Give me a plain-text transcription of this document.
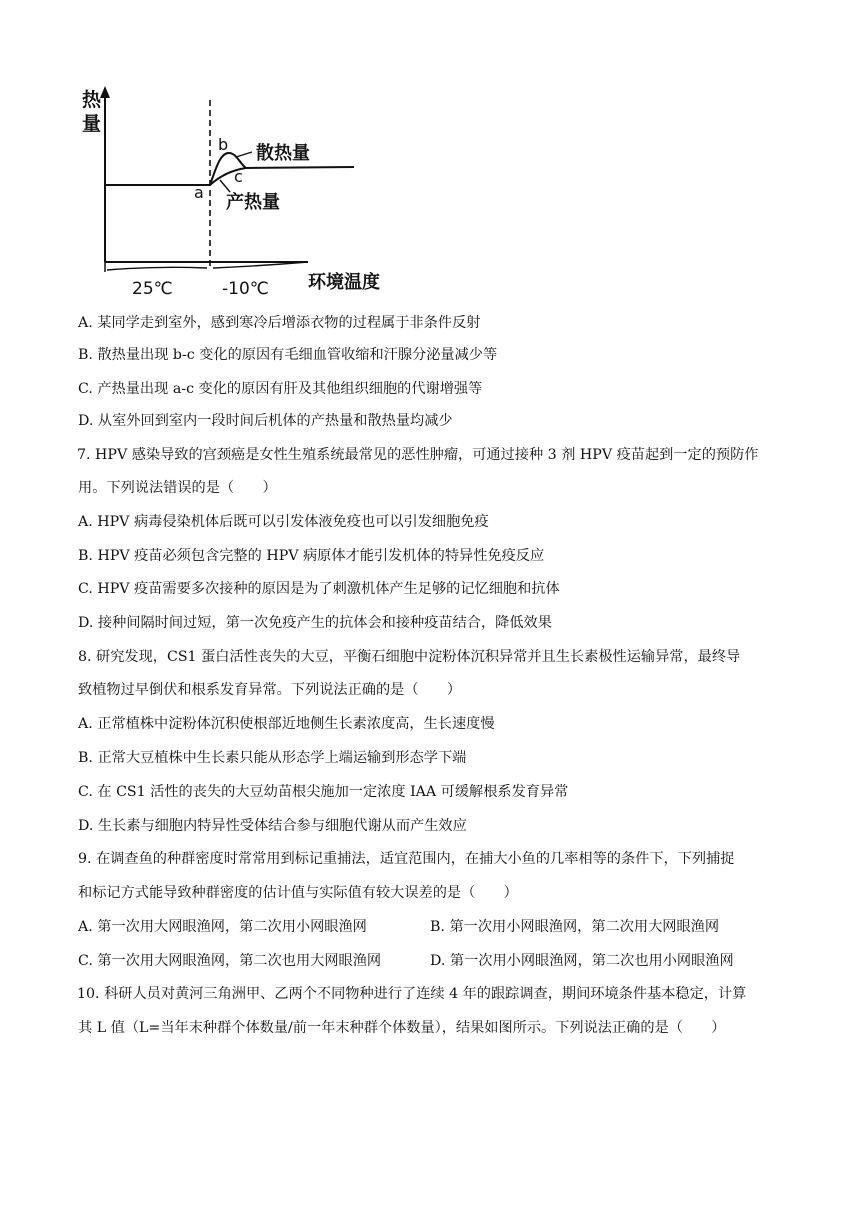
热
量
b
a
c
散热量
产热量
25℃	-10℃ 环境温度
A. 某同学走到室外，感到寒冷后增添衣物的过程属于非条件反射
B. 散热量出现 b-c 变化的原因有毛细血管收缩和汗腺分泌量减少等
C. 产热量出现 a-c 变化的原因有肝及其他组织细胞的代谢增强等
D. 从室外回到室内一段时间后机体的产热量和散热量均减少
7. HPV 感染导致的宫颈癌是女性生殖系统最常见的恶性肿瘤，可通过接种 3 剂 HPV 疫苗起到一定的预防作
用。下列说法错误的是（　　）
A. HPV 病毒侵染机体后既可以引发体液免疫也可以引发细胞免疫
B. HPV 疫苗必须包含完整的 HPV 病原体才能引发机体的特异性免疫反应
C. HPV 疫苗需要多次接种的原因是为了刺激机体产生足够的记忆细胞和抗体
D. 接种间隔时间过短，第一次免疫产生的抗体会和接种疫苗结合，降低效果
8. 研究发现，CS1 蛋白活性丧失的大豆，平衡石细胞中淀粉体沉积异常并且生长素极性运输异常，最终导
致植物过早倒伏和根系发育异常。下列说法正确的是（　　）
A. 正常植株中淀粉体沉积使根部近地侧生长素浓度高，生长速度慢
B. 正常大豆植株中生长素只能从形态学上端运输到形态学下端
C. 在 CS1 活性的丧失的大豆幼苗根尖施加一定浓度 IAA 可缓解根系发育异常
D. 生长素与细胞内特异性受体结合参与细胞代谢从而产生效应
9. 在调查鱼的种群密度时常常用到标记重捕法，适宜范围内，在捕大小鱼的几率相等的条件下，下列捕捉
和标记方式能导致种群密度的估计值与实际值有较大误差的是（　　）
A. 第一次用大网眼渔网，第二次用小网眼渔网	B. 第一次用小网眼渔网，第二次用大网眼渔网
C. 第一次用大网眼渔网，第二次也用大网眼渔网	D. 第一次用小网眼渔网，第二次也用小网眼渔网
10. 科研人员对黄河三角洲甲、乙两个不同物种进行了连续 4 年的跟踪调查，期间环境条件基本稳定，计算
其 L 值（L=当年末种群个体数量/前一年末种群个体数量），结果如图所示。下列说法正确的是（　　）
